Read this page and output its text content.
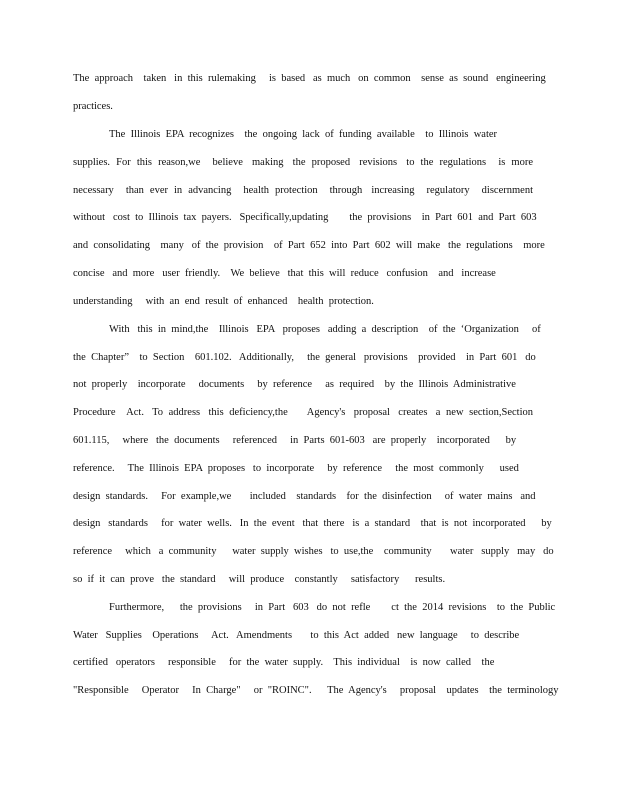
The  approach    taken   in  this  rulemaking     is  based   as  much   on  common    sense  as  sound   engineering
practices.
The  Illinois  EPA  recognizes    the  ongoing  lack  of  funding  available    to  Illinois  water
supplies.  For  this  reason,we    believe   making   the  proposed   revisions   to  the  regulations    is  more
necessary    than  ever  in  advancing    health  protection    through   increasing    regulatory    discernment
without   cost  to  Illinois  tax  payers.   Specifically,updating        the  provisions    in  Part  601  and  Part  603
and  consolidating    many   of  the  provision    of  Part  652  into  Part  602  will  make   the  regulations    more
concise   and  more   user  friendly.    We  believe   that  this  will  reduce   confusion    and   increase
understanding     with  an  end  result  of  enhanced    health  protection.
With   this  in  mind,the    Illinois   EPA   proposes   adding  a  description    of  the  ‘Organization     of
the  Chapter”    to  Section    601.102.   Additionally,     the  general   provisions    provided    in  Part  601   do
not  properly    incorporate     documents     by  reference     as  required    by  the  Illinois  Administrative
Procedure    Act.   To  address   this  deficiency,the       Agency's   proposal   creates   a  new  section,Section
601.115,     where   the  documents     referenced     in  Parts  601-603   are  properly    incorporated      by
reference.     The  Illinois  EPA  proposes   to  incorporate     by  reference     the  most  commonly      used
design  standards.     For  example,we       included    standards    for  the  disinfection     of  water  mains   and
design   standards     for  water  wells.   In  the  event   that  there   is  a  standard    that  is  not  incorporated      by
reference     which   a  community      water  supply  wishes   to  use,the    community       water   supply   may   do
so  if  it  can  prove   the  standard     will  produce    constantly     satisfactory      results.
Furthermore,      the  provisions     in  Part   603   do  not  refle        ct  the  2014  revisions    to  the  Public
Water   Supplies    Operations     Act.   Amendments       to  this  Act  added   new  language     to  describe
certified   operators     responsible     for  the  water  supply.    This  individual    is  now  called    the
"Responsible     Operator     In  Charge"     or  "ROINC".      The  Agency's     proposal    updates    the  terminology
